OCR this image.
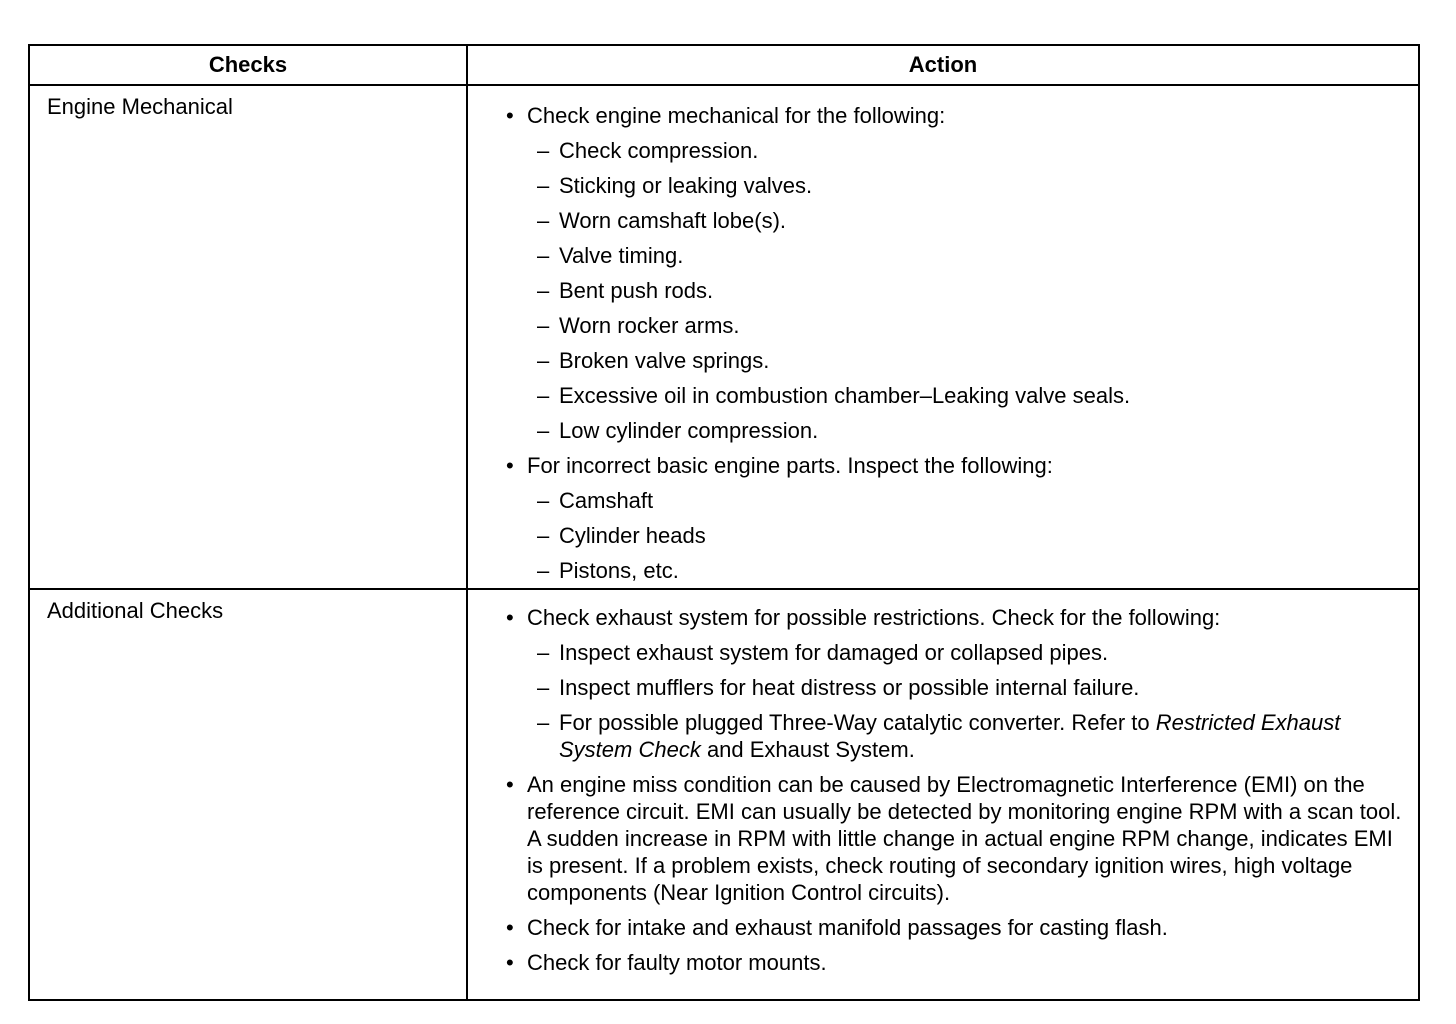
Checks	Action
Engine Mechanical	• Check engine mechanical for the following:
– Check compression.
– Sticking or leaking valves.
– Worn camshaft lobe(s).
– Valve timing.
– Bent push rods.
– Worn rocker arms.
– Broken valve springs.
– Excessive oil in combustion chamber–Leaking valve seals.
– Low cylinder compression.
• For incorrect basic engine parts. Inspect the following:
– Camshaft
– Cylinder heads
– Pistons, etc.
Additional Checks	• Check exhaust system for possible restrictions. Check for the following:
– Inspect exhaust system for damaged or collapsed pipes.
– Inspect mufflers for heat distress or possible internal failure.
– For possible plugged Three-Way catalytic converter. Refer to Restricted Exhaust System Check and Exhaust System.
• An engine miss condition can be caused by Electromagnetic Interference (EMI) on the reference circuit. EMI can usually be detected by monitoring engine RPM with a scan tool. A sudden increase in RPM with little change in actual engine RPM change, indicates EMI is present. If a problem exists, check routing of secondary ignition wires, high voltage components (Near Ignition Control circuits).
• Check for intake and exhaust manifold passages for casting flash.
• Check for faulty motor mounts.
